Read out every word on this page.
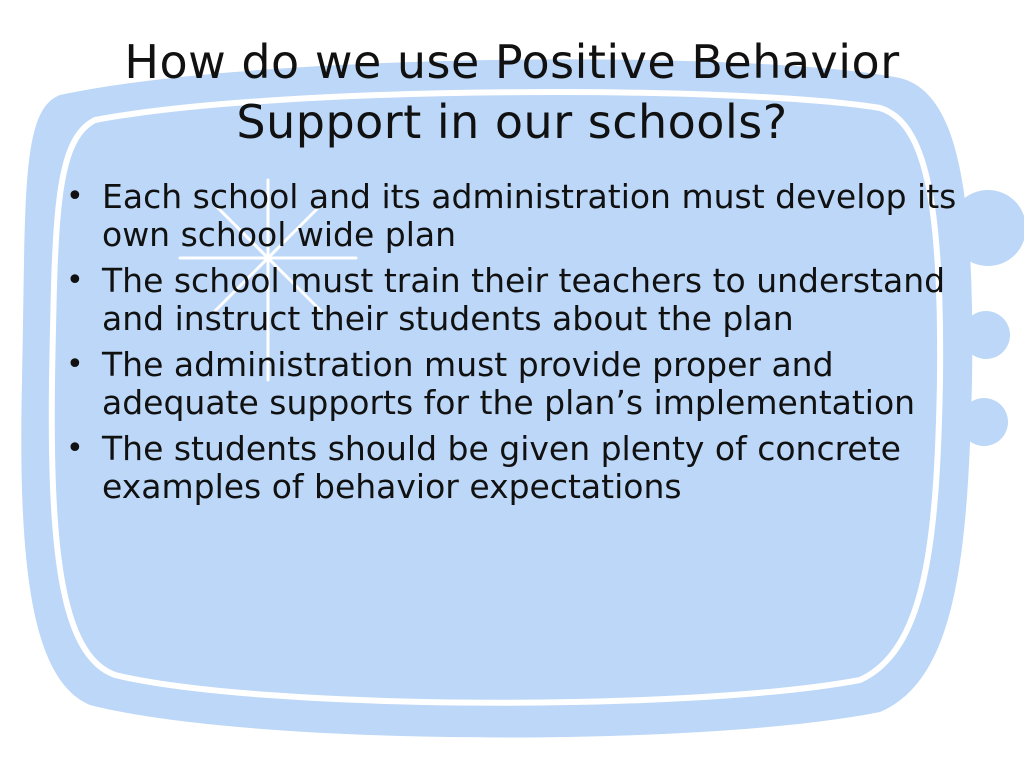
How do we use Positive Behavior
Support in our schools?
• Each school and its administration must develop its own school wide plan
• The school must train their teachers to understand and instruct their students about the plan
• The administration must provide proper and adequate supports for the plan’s implementation
• The students should be given plenty of concrete examples of behavior expectations
